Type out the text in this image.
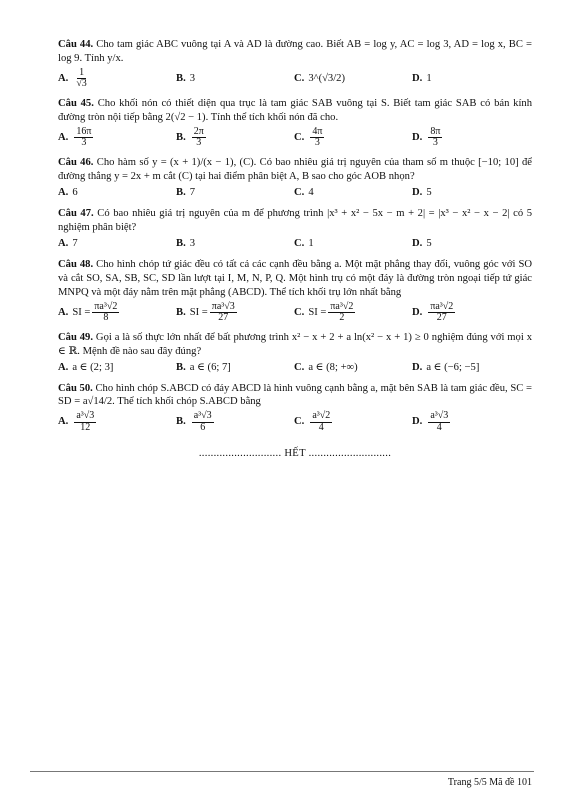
Câu 44. Cho tam giác ABC vuông tại A và AD là đường cao. Biết AB = log y, AC = log 3, AD = log x, BC = log 9. Tính y/x.

A. $\frac{1}{√3}$	B. 3	C. 3^(√3/2)	D. 1

Câu 45. Cho khối nón có thiết diện qua trục là tam giác SAB vuông tại S. Biết tam giác SAB có bán kính đường tròn nội tiếp bằng 2(√2 − 1). Tính thể tích khối nón đã cho.

A. $\frac{16\pi}{3}$	B. $\frac{2\pi}{3}$	C. $\frac{4\pi}{3}$	D. $\frac{8\pi}{3}$

Câu 46. Cho hàm số y = (x + 1)/(x − 1), (C). Có bao nhiêu giá trị nguyên của tham số m thuộc [−10; 10] để đường thẳng y = 2x + m cắt (C) tại hai điểm phân biệt A, B sao cho góc AOB nhọn?

A. 6	B. 7	C. 4	D. 5

Câu 47. Có bao nhiêu giá trị nguyên của m để phương trình |x³ + x² − 5x − m + 2| = |x³ − x² − x − 2| có 5 nghiệm phân biệt?

A. 7	B. 3	C. 1	D. 5

Câu 48. Cho hình chóp tứ giác đều có tất cả các cạnh đều bằng a. Một mặt phẳng thay đổi, vuông góc với SO và cắt SO, SA, SB, SC, SD lần lượt tại I, M, N, P, Q. Một hình trụ có một đáy là đường tròn ngoại tiếp tứ giác MNPQ và một đáy nằm trên mặt phẳng (ABCD). Thể tích khối trụ lớn nhất bằng

A. SI = $\frac{\text{πa³√2}}{8}$	B. SI = $\frac{\text{πa³√3}}{27}$	C. SI = $\frac{\text{πa³√2}}{2}$	D. $\frac{\text{πa³√2}}{27}$

Câu 49. Gọi a là số thực lớn nhất để bất phương trình x² − x + 2 + a ln(x² − x + 1) ≥ 0 nghiệm đúng với mọi x ∈ ℝ. Mệnh đề nào sau đây đúng?

A. a ∈ (2; 3]	B. a ∈ (6; 7]	C. a ∈ (8; +∞)	D. a ∈ (−6; −5]

Câu 50. Cho hình chóp S.ABCD có đáy ABCD là hình vuông cạnh bằng a, mặt bên SAB là tam giác đều, SC = SD = a√14/2. Thể tích khối chóp S.ABCD bằng

A. $\frac{\text{a³√3}}{12}$	B. $\frac{\text{a³√3}}{6}$	C. $\frac{\text{a³√2}}{4}$	D. $\frac{\text{a³√3}}{4}$
............................ HẾT ............................
Trang 5/5 Mã đề 101
